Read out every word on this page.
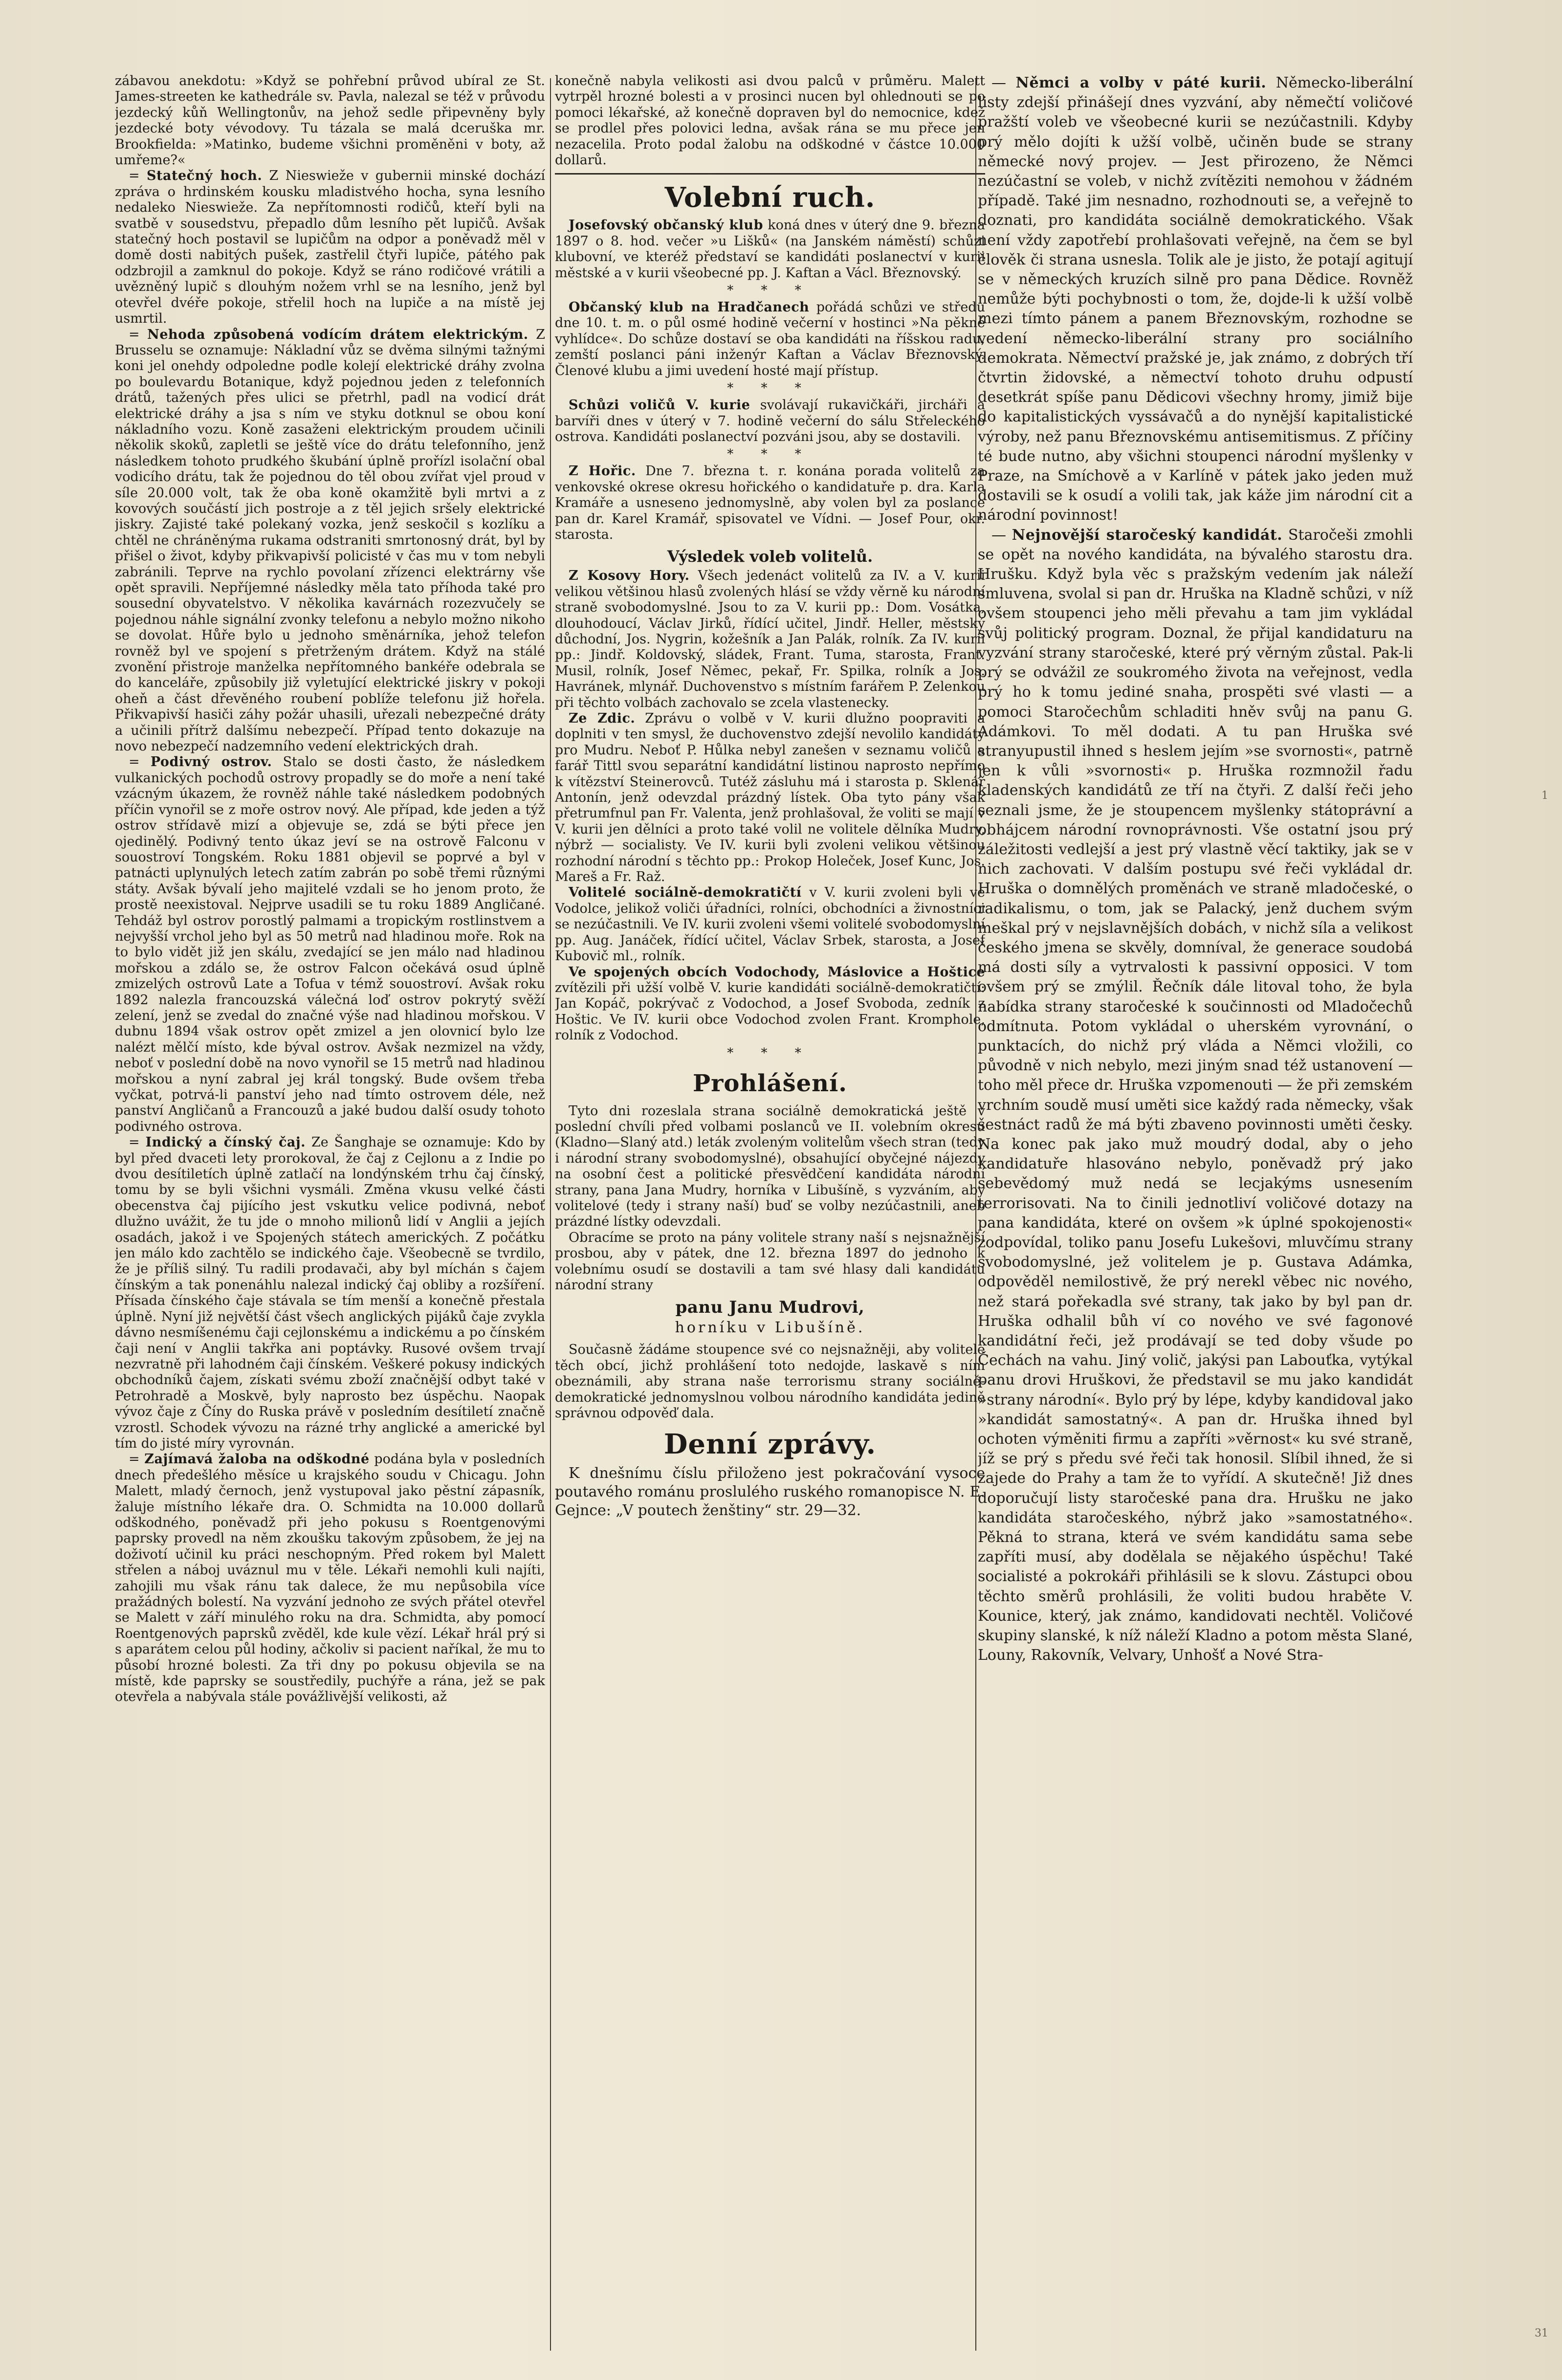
zábavou anekdotu: »Když se pohřební průvod ubíral ze St. James-streeten ke kathedrále sv. Pavla, nalezal se též v průvodu jezdecký kůň Wellingtonův, na jehož sedle připevněny byly jezdecké boty vévodovy. Tu tázala se malá dceruška mr. Brookfielda: »Matinko, budeme všichni proměněni v boty, až umřeme?«

= Statečný hoch. Z Nieswieže v gubernii minské dochází zpráva o hrdinském kousku mladistvého hocha, syna lesního nedaleko Nieswieže. Za nepřítomnosti rodičů, kteří byli na svatbě v sousedstvu, přepadlo dům lesního pět lupičů. Avšak statečný hoch postavil se lupičům na odpor a poněvadž měl v domě dosti nabitých pušek, zastřelil čtyři lupiče, pátého pak odzbrojil a zamknul do pokoje. Když se ráno rodičové vrátili a uvězněný lupič s dlouhým nožem vrhl se na lesního, jenž byl otevřel dvéře pokoje, střelil hoch na lupiče a na místě jej usmrtil.

= Nehoda způsobená vodícím drátem elektrickým. Z Brusselu se oznamuje: Nákladní vůz se dvěma silnými tažnými koni jel onehdy odpoledne podle kolejí elektrické dráhy zvolna po boulevardu Botanique, když pojednou jeden z telefonních drátů, tažených přes ulici se přetrhl, padl na vodicí drát elektrické dráhy a jsa s ním ve styku dotknul se obou koní nákladního vozu. Koně zasaženi elektrickým proudem učinili několik skoků, zapletli se ještě více do drátu telefonního, jenž následkem tohoto prudkého škubání úplně prořízl isolační obal vodicího drátu, tak že pojednou do těl obou zvířat vjel proud v síle 20.000 volt, tak že oba koně okamžitě byli mrtvi a z kovových součástí jich postroje a z těl jejich sršely elektrické jiskry. Zajisté také polekaný vozka, jenž seskočil s kozlíku a chtěl ne chráněnýma rukama odstraniti smrtonosný drát, byl by přišel o život, kdyby přikvapivší policisté v čas mu v tom nebyli zabránili. Teprve na rychlo povolaní zřízenci elektrárny vše opět spravili. Nepříjemné následky měla tato příhoda také pro sousední obyvatelstvo. V několika kavárnách rozezvučely se pojednou náhle signální zvonky telefonu a nebylo možno nikoho se dovolat. Hůře bylo u jednoho směnárníka, jehož telefon rovněž byl ve spojení s přetrženým drátem. Když na stálé zvonění přistroje manželka nepřítomného bankéře odebrala se do kanceláře, způsobily již vyletující elektrické jiskry v pokoji oheň a část dřevěného roubení poblíže telefonu již hořela. Přikvapivší hasiči záhy požár uhasili, uřezali nebezpečné dráty a učinili přítrž dalšímu nebezpečí. Případ tento dokazuje na novo nebezpečí nadzemního vedení elektrických drah.

= Podivný ostrov. Stalo se dosti často, že následkem vulkanických pochodů ostrovy propadly se do moře a není také vzácným úkazem, že rovněž náhle také následkem podobných příčin vynořil se z moře ostrov nový. Ale případ, kde jeden a týž ostrov střídavě mizí a objevuje se, zdá se býti přece jen ojedinělý. Podivný tento úkaz jeví se na ostrově Falconu v souostroví Tongském. Roku 1881 objevil se poprvé a byl v patnácti uplynulých letech zatím zabrán po sobě třemi různými státy. Avšak bývalí jeho majitelé vzdali se ho jenom proto, že prostě neexistoval. Nejprve usadili se tu roku 1889 Angličané. Tehdáž byl ostrov porostlý palmami a tropickým rostlinstvem a nejvyšší vrchol jeho byl as 50 metrů nad hladinou moře. Rok na to bylo vidět již jen skálu, zvedající se jen málo nad hladinou mořskou a zdálo se, že ostrov Falcon očekává osud úplně zmizelých ostrovů Late a Tofua v témž souostroví. Avšak roku 1892 nalezla francouzská válečná loď ostrov pokrytý svěží zelení, jenž se zvedal do značné výše nad hladinou mořskou. V dubnu 1894 však ostrov opět zmizel a jen olovnicí bylo lze nalézt mělčí místo, kde býval ostrov. Avšak nezmizel na vždy, neboť v poslední době na novo vynořil se 15 metrů nad hladinou mořskou a nyní zabral jej král tongský. Bude ovšem třeba vyčkat, potrvá-li panství jeho nad tímto ostrovem déle, než panství Angličanů a Francouzů a jaké budou další osudy tohoto podivného ostrova.

= Indický a čínský čaj. Ze Šanghaje se oznamuje: Kdo by byl před dvaceti lety prorokoval, že čaj z Cejlonu a z Indie po dvou desítiletích úplně zatlačí na londýnském trhu čaj čínský, tomu by se byli všichni vysmáli. Změna vkusu velké části obecenstva čaj pijícího jest vskutku velice podivná, neboť dlužno uvážit, že tu jde o mnoho milionů lidí v Anglii a jejích osadách, jakož i ve Spojených státech amerických. Z počátku jen málo kdo zachtělo se indického čaje. Všeobecně se tvrdilo, že je příliš silný. Tu radili prodavači, aby byl míchán s čajem čínským a tak ponenáhlu nalezal indický čaj obliby a rozšíření. Přísada čínského čaje stávala se tím menší a konečně přestala úplně. Nyní již největší část všech anglických pijáků čaje zvykla dávno nesmíšenému čaji cejlonskému a indickému a po čínském čaji není v Anglii takřka ani poptávky. Rusové ovšem trvají nezvratně při lahodném čaji čínském. Veškeré pokusy indických obchodníků čajem, získati svému zboží značnější odbyt také v Petrohradě a Moskvě, byly naprosto bez úspěchu. Naopak vývoz čaje z Číny do Ruska právě v posledním desítiletí značně vzrostl. Schodek vývozu na rázné trhy anglické a americké byl tím do jisté míry vyrovnán.

= Zajímavá žaloba na odškodné podána byla v posledních dnech předešlého měsíce u krajského soudu v Chicagu. John Malett, mladý černoch, jenž vystupoval jako pěstní zápasník, žaluje místního lékaře dra. O. Schmidta na 10.000 dollarů odškodného, poněvadž při jeho pokusu s Roentgenovými paprsky provedl na něm zkoušku takovým způsobem, že jej na doživotí učinil ku práci neschopným. Před rokem byl Malett střelen a náboj uváznul mu v těle. Lékaři nemohli kuli najíti, zahojili mu však ránu tak dalece, že mu nepůsobila více pražádných bolestí. Na vyzvání jednoho ze svých přátel otevřel se Malett v září minulého roku na dra. Schmidta, aby pomocí Roentgenových paprsků zvěděl, kde kule vězí. Lékař hrál prý si s aparátem celou půl hodiny, ačkoliv si pacient naříkal, že mu to působí hrozné bolesti. Za tři dny po pokusu objevila se na místě, kde paprsky se soustředily, puchýře a rána, jež se pak otevřela a nabývala stále povážlivější velikosti, až

konečně nabyla velikosti asi dvou palců v průměru. Malett vytrpěl hrozné bolesti a v prosinci nucen byl ohlednouti se po pomoci lékařské, až konečně dopraven byl do nemocnice, kdež se prodlel přes polovici ledna, avšak rána se mu přece jen nezacelila. Proto podal žalobu na odškodné v částce 10.000 dollarů.

Volební ruch.

Josefovský občanský klub koná dnes v úterý dne 9. března 1897 o 8. hod. večer »u Lišků« (na Janském náměstí) schůzi klubovní, ve kteréž představí se kandidáti poslanectví v kurii městské a v kurii všeobecné pp. J. Kaftan a Václ. Březnovský.

* * *

Občanský klub na Hradčanech pořádá schůzi ve středu dne 10. t. m. o půl osmé hodině večerní v hostinci »Na pěkné vyhlídce«. Do schůze dostaví se oba kandidáti na říšskou radu, zemští poslanci páni inženýr Kaftan a Václav Březnovský. Členové klubu a jimi uvedení hosté mají přístup.

* * *

Schůzi voličů V. kurie svolávají rukavičkáři, jircháři a barvíři dnes v úterý v 7. hodině večerní do sálu Střeleckého ostrova. Kandidáti poslanectví pozváni jsou, aby se dostavili.

* * *

Z Hořic. Dne 7. března t. r. konána porada volitelů za venkovské okrese okresu hořického o kandidatuře p. dra. Karla Kramáře a usneseno jednomyslně, aby volen byl za poslance pan dr. Karel Kramář, spisovatel ve Vídni. — Josef Pour, okr. starosta.

Výsledek voleb volitelů.

Z Kosovy Hory. Všech jedenáct volitelů za IV. a V. kurii velikou většinou hlasů zvolených hlásí se vždy věrně ku národní straně svobodomyslné. Jsou to za V. kurii pp.: Dom. Vosátka, dlouhodoucí, Václav Jirků, řídící učitel, Jindř. Heller, městský důchodní, Jos. Nygrin, kožešník a Jan Palák, rolník. Za IV. kurii pp.: Jindř. Koldovský, sládek, Frant. Tuma, starosta, Frant. Musil, rolník, Josef Němec, pekař, Fr. Spilka, rolník a Jos. Havránek, mlynář. Duchovenstvo s místním farářem P. Zelenkou při těchto volbách zachovalo se zcela vlastenecky.

Ze Zdic. Zprávu o volbě v V. kurii dlužno poopraviti a doplniti v ten smysl, že duchovenstvo zdejší nevolilo kandidáty pro Mudru. Neboť P. Hůlka nebyl zanešen v seznamu voličů a farář Tittl svou separátní kandidátní listinou naprosto nepřímo k vítězství Steinerovců. Tutéž zásluhu má i starosta p. Sklenář Antonín, jenž odevzdal prázdný lístek. Oba tyto pány však přetrumfnul pan Fr. Valenta, jenž prohlašoval, že voliti se mají v V. kurii jen dělníci a proto také volil ne volitele dělníka Mudry, nýbrž — socialisty. Ve IV. kurii byli zvoleni velikou většinou rozhodní národní s těchto pp.: Prokop Holeček, Josef Kunc, Jos. Mareš a Fr. Raž.

Volitelé sociálně-demokratičtí v V. kurii zvoleni byli ve Vodolce, jelikož voliči úřadníci, rolníci, obchodníci a živnostníci se nezúčastnili. Ve IV. kurii zvoleni všemi volitelé svobodomyslní pp. Aug. Janáček, řídící učitel, Václav Srbek, starosta, a Josef Kubovič ml., rolník.

Ve spojených obcích Vodochody, Máslovice a Hoštice zvítězili při užší volbě V. kurie kandidáti sociálně-demokratičtí: Jan Kopáč, pokrývač z Vodochod, a Josef Svoboda, zedník z Hoštic. Ve IV. kurii obce Vodochod zvolen Frant. Kromphole, rolník z Vodochod.

* * *
Prohlášení.

Tyto dni rozeslala strana sociálně demokratická ještě v poslední chvíli před volbami poslanců ve II. volebním okresu (Kladno—Slaný atd.) leták zvoleným volitelům všech stran (tedy i národní strany svobodomyslné), obsahující obyčejné nájezdy na osobní čest a politické přesvědčení kandidáta národní strany, pana Jana Mudry, horníka v Libušíně, s vyzváním, aby volitelové (tedy i strany naší) buď se volby nezúčastnili, aneb prázdné lístky odevzdali.

Obracíme se proto na pány volitele strany naší s nejsnažnější prosbou, aby v pátek, dne 12. března 1897 do jednoho k volebnímu osudí se dostavili a tam své hlasy dali kandidátu národní strany

panu Janu Mudrovi,
horníku v Libušíně.

Současně žádáme stoupence své co nejsnažněji, aby volitele těch obcí, jichž prohlášení toto nedojde, laskavě s ním obeznámili, aby strana naše terrorismu strany sociálně-demokratické jednomyslnou volbou národního kandidáta jedině správnou odpověď dala.

Denní zprávy.

K dnešnímu číslu přiloženo jest pokračování vysoce poutavého románu proslulého ruského romanopisce N. E. Gejnce: „V poutech ženštiny“ str. 29—32.

— Němci a volby v páté kurii. Německo-liberální listy zdejší přinášejí dnes vyzvání, aby němečtí voličové pražští voleb ve všeobecné kurii se nezúčastnili. Kdyby prý mělo dojíti k užší volbě, učiněn bude se strany německé nový projev. — Jest přirozeno, že Němci nezúčastní se voleb, v nichž zvítěziti nemohou v žádném případě. Také jim nesnadno, rozhodnouti se, a veřejně to doznati, pro kandidáta sociálně demokratického. Však není vždy zapotřebí prohlašovati veřejně, na čem se byl člověk či strana usnesla. Tolik ale je jisto, že potají agitují se v německých kruzích silně pro pana Dědice. Rovněž nemůže býti pochybnosti o tom, že, dojde-li k užší volbě mezi tímto pánem a panem Březnovským, rozhodne se vedení německo-liberální strany pro sociálního demokrata. Němectví pražské je, jak známo, z dobrých tří čtvrtin židovské, a němectví tohoto druhu odpustí desetkrát spíše panu Dědicovi všechny hromy, jimiž bije do kapitalistických vyssávačů a do nynější kapitalistické výroby, než panu Březnovskému antisemitismus. Z příčiny té bude nutno, aby všichni stoupenci národní myšlenky v Praze, na Smíchově a v Karlíně v pátek jako jeden muž dostavili se k osudí a volili tak, jak káže jim národní cit a národní povinnost!

— Nejnovější staročeský kandidát. Staročeši zmohli se opět na nového kandidáta, na bývalého starostu dra. Hrušku. Když byla věc s pražským vedením jak náleží smluvena, svolal si pan dr. Hruška na Kladně schůzi, v níž ovšem stoupenci jeho měli převahu a tam jim vykládal svůj politický program. Doznal, že přijal kandidaturu na vyzvání strany staročeské, které prý věrným zůstal. Pak-li prý se odvážil ze soukromého života na veřejnost, vedla prý ho k tomu jediné snaha, prospěti své vlasti — a pomoci Staročechům schladiti hněv svůj na panu G. Adámkovi. To měl dodati. A tu pan Hruška své stranyupustil ihned s heslem jejím »se svornosti«, patrně jen k vůli »svornosti« p. Hruška rozmnožil řadu kladenských kandidátů ze tří na čtyři. Z další řeči jeho seznali jsme, že je stoupencem myšlenky státoprávní a obhájcem národní rovnoprávnosti. Vše ostatní jsou prý záležitosti vedlejší a jest prý vlastně věcí taktiky, jak se v nich zachovati. V dalším postupu své řeči vykládal dr. Hruška o domnělých proměnách ve straně mladočeské, o radikalismu, o tom, jak se Palacký, jenž duchem svým meškal prý v nejslavnějších dobách, v nichž síla a velikost českého jmena se skvěly, domníval, že generace soudobá má dosti síly a vytrvalosti k passivní opposici. V tom ovšem prý se zmýlil. Řečník dále litoval toho, že byla nabídka strany staročeské k součinnosti od Mladočechů odmítnuta. Potom vykládal o uherském vyrovnání, o punktacích, do nichž prý vláda a Němci vložili, co původně v nich nebylo, mezi jiným snad též ustanovení — toho měl přece dr. Hruška vzpomenouti — že při zemském vrchním soudě musí uměti sice každý rada německy, však šestnáct radů že má býti zbaveno povinnosti uměti česky. Na konec pak jako muž moudrý dodal, aby o jeho kandidatuře hlasováno nebylo, poněvadž prý jako sebevědomý muž nedá se lecjakýms usnesením terrorisovati. Na to činili jednotliví voličové dotazy na pana kandidáta, které on ovšem »k úplné spokojenosti« zodpovídal, toliko panu Josefu Lukešovi, mluvčímu strany svobodomyslné, jež volitelem je p. Gustava Adámka, odpověděl nemilostivě, že prý nerekl věbec nic nového, než stará pořekadla své strany, tak jako by byl pan dr. Hruška odhalil bůh ví co nového ve své fagonové kandidátní řeči, jež prodávají se ted doby všude po Čechách na vahu. Jiný volič, jakýsi pan Labouťka, vytýkal panu drovi Hruškovi, že představil se mu jako kandidát »strany národní«. Bylo prý by lépe, kdyby kandidoval jako »kandidát samostatný«. A pan dr. Hruška ihned byl ochoten výměniti firmu a zapříti »věrnost« ku své straně, jíž se prý s předu své řeči tak honosil. Slíbil ihned, že si zajede do Prahy a tam že to vyřídí. A skutečně! Již dnes doporučují listy staročeské pana dra. Hrušku ne jako kandidáta staročeského, nýbrž jako »samostatného«. Pěkná to strana, která ve svém kandidátu sama sebe zapříti musí, aby dodělala se nějakého úspěchu! Také socialisté a pokrokáři přihlásili se k slovu. Zástupci obou těchto směrů prohlásili, že voliti budou hraběte V. Kounice, který, jak známo, kandidovati nechtěl. Voličové skupiny slanské, k níž náleží Kladno a potom města Slané, Louny, Rakovník, Velvary, Unhošť a Nové Stra-

1
31
